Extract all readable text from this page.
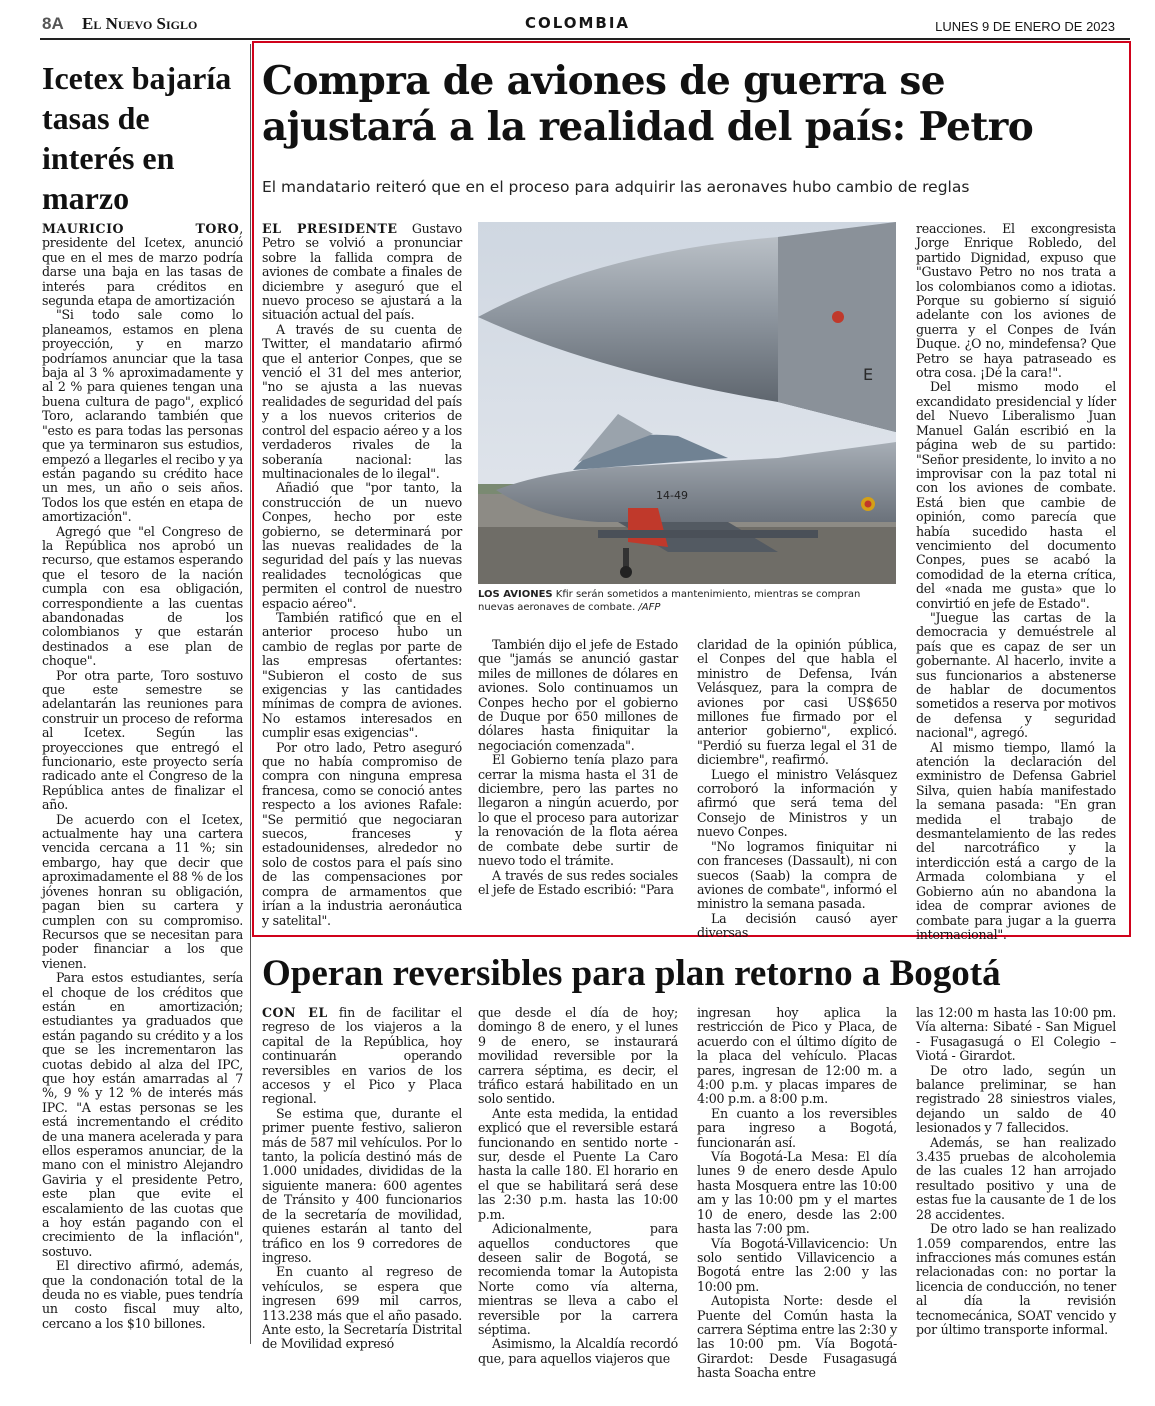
8A El Nuevo Siglo	COLOMBIA	LUNES 9 DE ENERO DE 2023
Icetex bajaría tasas de interés en marzo

MAURICIO TORO, presidente del Icetex, anunció que en el mes de marzo podría darse una baja en las tasas de interés para créditos en segunda etapa de amortización

"Si todo sale como lo planeamos, estamos en plena proyección, y en marzo podríamos anunciar que la tasa baja al 3 % aproximadamente y al 2 % para quienes tengan una buena cultura de pago", explicó Toro, aclarando también que "esto es para todas las personas que ya terminaron sus estudios, empezó a llegarles el recibo y ya están pagando su crédito hace un mes, un año o seis años. Todos los que estén en etapa de amortización".

Agregó que "el Congreso de la República nos aprobó un recurso, que estamos esperando que el tesoro de la nación cumpla con esa obligación, correspondiente a las cuentas abandonadas de los colombianos y que estarán destinados a ese plan de choque".

Por otra parte, Toro sostuvo que este semestre se adelantarán las reuniones para construir un proceso de reforma al Icetex. Según las proyecciones que entregó el funcionario, este proyecto sería radicado ante el Congreso de la República antes de finalizar el año.

De acuerdo con el Icetex, actualmente hay una cartera vencida cercana a 11 %; sin embargo, hay que decir que aproximadamente el 88 % de los jóvenes honran su obligación, pagan bien su cartera y cumplen con su compromiso. Recursos que se necesitan para poder financiar a los que vienen.

Para estos estudiantes, sería el choque de los créditos que están en amortización; estudiantes ya graduados que están pagando su crédito y a los que se les incrementaron las cuotas debido al alza del IPC, que hoy están amarradas al 7 %, 9 % y 12 % de interés más IPC. "A estas personas se les está incrementando el crédito de una manera acelerada y para ellos esperamos anunciar, de la mano con el ministro Alejandro Gaviria y el presidente Petro, este plan que evite el escalamiento de las cuotas que a hoy están pagando con el crecimiento de la inflación", sostuvo.

El directivo afirmó, además, que la condonación total de la deuda no es viable, pues tendría un costo fiscal muy alto, cercano a los $10 billones.

Compra de aviones de guerra se ajustará a la realidad del país: Petro
El mandatario reiteró que en el proceso para adquirir las aeronaves hubo cambio de reglas

EL PRESIDENTE Gustavo Petro se volvió a pronunciar sobre la fallida compra de aviones de combate a finales de diciembre y aseguró que el nuevo proceso se ajustará a la situación actual del país.

A través de su cuenta de Twitter, el mandatario afirmó que el anterior Conpes, que se venció el 31 del mes anterior, "no se ajusta a las nuevas realidades de seguridad del país y a los nuevos criterios de control del espacio aéreo y a los verdaderos rivales de la soberanía nacional: las multinacionales de lo ilegal".

Añadió que "por tanto, la construcción de un nuevo Conpes, hecho por este gobierno, se determinará por las nuevas realidades de la seguridad del país y las nuevas realidades tecnológicas que permiten el control de nuestro espacio aéreo".

También ratificó que en el anterior proceso hubo un cambio de reglas por parte de las empresas ofertantes: "Subieron el costo de sus exigencias y las cantidades mínimas de compra de aviones. No estamos interesados en cumplir esas exigencias".

Por otro lado, Petro aseguró que no había compromiso de compra con ninguna empresa francesa, como se conoció antes respecto a los aviones Rafale: "Se permitió que negociaran suecos, franceses y estadounidenses, alrededor no solo de costos para el país sino de las compensaciones por compra de armamentos que irían a la industria aeronáutica y satelital".

E
14-49
LOS AVIONES Kfir serán sometidos a mantenimiento, mientras se compran nuevas aeronaves de combate. /AFP

También dijo el jefe de Estado que "jamás se anunció gastar miles de millones de dólares en aviones. Solo continuamos un Conpes hecho por el gobierno de Duque por 650 millones de dólares hasta finiquitar la negociación comenzada".

El Gobierno tenía plazo para cerrar la misma hasta el 31 de diciembre, pero las partes no llegaron a ningún acuerdo, por lo que el proceso para autorizar la renovación de la flota aérea de combate debe surtir de nuevo todo el trámite.

A través de sus redes sociales el jefe de Estado escribió: "Para

claridad de la opinión pública, el Conpes del que habla el ministro de Defensa, Iván Velásquez, para la compra de aviones por casi US$650 millones fue firmado por el anterior gobierno", explicó. "Perdió su fuerza legal el 31 de diciembre", reafirmó.

Luego el ministro Velásquez corroboró la información y afirmó que será tema del Consejo de Ministros y un nuevo Conpes.

"No logramos finiquitar ni con franceses (Dassault), ni con suecos (Saab) la compra de aviones de combate", informó el ministro la semana pasada.

La decisión causó ayer diversas

reacciones. El excongresista Jorge Enrique Robledo, del partido Dignidad, expuso que "Gustavo Petro no nos trata a los colombianos como a idiotas. Porque su gobierno sí siguió adelante con los aviones de guerra y el Conpes de Iván Duque. ¿O no, mindefensa? Que Petro se haya patraseado es otra cosa. ¡Dé la cara!".

Del mismo modo el excandidato presidencial y líder del Nuevo Liberalismo Juan Manuel Galán escribió en la página web de su partido: "Señor presidente, lo invito a no improvisar con la paz total ni con los aviones de combate. Está bien que cambie de opinión, como parecía que había sucedido hasta el vencimiento del documento Conpes, pues se acabó la comodidad de la eterna crítica, del «nada me gusta» que lo convirtió en jefe de Estado".

"Juegue las cartas de la democracia y demuéstrele al país que es capaz de ser un gobernante. Al hacerlo, invite a sus funcionarios a abstenerse de hablar de documentos sometidos a reserva por motivos de defensa y seguridad nacional", agregó.

Al mismo tiempo, llamó la atención la declaración del exministro de Defensa Gabriel Silva, quien había manifestado la semana pasada: "En gran medida el trabajo de desmantelamiento de las redes del narcotráfico y la interdicción está a cargo de la Armada colombiana y el Gobierno aún no abandona la idea de comprar aviones de combate para jugar a la guerra internacional".

Operan reversibles para plan retorno a Bogotá

CON EL fin de facilitar el regreso de los viajeros a la capital de la República, hoy continuarán operando reversibles en varios de los accesos y el Pico y Placa regional.

Se estima que, durante el primer puente festivo, salieron más de 587 mil vehículos. Por lo tanto, la policía destinó más de 1.000 unidades, divididas de la siguiente manera: 600 agentes de Tránsito y 400 funcionarios de la secretaría de movilidad, quienes estarán al tanto del tráfico en los 9 corredores de ingreso.

En cuanto al regreso de vehículos, se espera que ingresen 699 mil carros, 113.238 más que el año pasado. Ante esto, la Secretaría Distrital de Movilidad expresó

que desde el día de hoy; domingo 8 de enero, y el lunes 9 de enero, se instaurará movilidad reversible por la carrera séptima, es decir, el tráfico estará habilitado en un solo sentido.

Ante esta medida, la entidad explicó que el reversible estará funcionando en sentido norte - sur, desde el Puente La Caro hasta la calle 180. El horario en el que se habilitará será dese las 2:30 p.m. hasta las 10:00 p.m.

Adicionalmente, para aquellos conductores que deseen salir de Bogotá, se recomienda tomar la Autopista Norte como vía alterna, mientras se lleva a cabo el reversible por la carrera séptima.

Asimismo, la Alcaldía recordó que, para aquellos viajeros que

ingresan hoy aplica la restricción de Pico y Placa, de acuerdo con el último dígito de la placa del vehículo. Placas pares, ingresan de 12:00 m. a 4:00 p.m. y placas impares de 4:00 p.m. a 8:00 p.m.

En cuanto a los reversibles para ingreso a Bogotá, funcionarán así.

Vía Bogotá-La Mesa: El día lunes 9 de enero desde Apulo hasta Mosquera entre las 10:00 am y las 10:00 pm y el martes 10 de enero, desde las 2:00 hasta las 7:00 pm.

Vía Bogotá-Villavicencio: Un solo sentido Villavicencio a Bogotá entre las 2:00 y las 10:00 pm.

Autopista Norte: desde el Puente del Común hasta la carrera Séptima entre las 2:30 y las 10:00 pm. Vía Bogotá-Girardot: Desde Fusagasugá hasta Soacha entre

las 12:00 m hasta las 10:00 pm. Vía alterna: Sibaté - San Miguel - Fusagasugá o El Colegio – Viotá - Girardot.

De otro lado, según un balance preliminar, se han registrado 28 siniestros viales, dejando un saldo de 40 lesionados y 7 fallecidos.

Además, se han realizado 3.435 pruebas de alcoholemia de las cuales 12 han arrojado resultado positivo y una de estas fue la causante de 1 de los 28 accidentes.

De otro lado se han realizado 1.059 comparendos, entre las infracciones más comunes están relacionadas con: no portar la licencia de conducción, no tener al día la revisión tecnomecánica, SOAT vencido y por último transporte informal.
